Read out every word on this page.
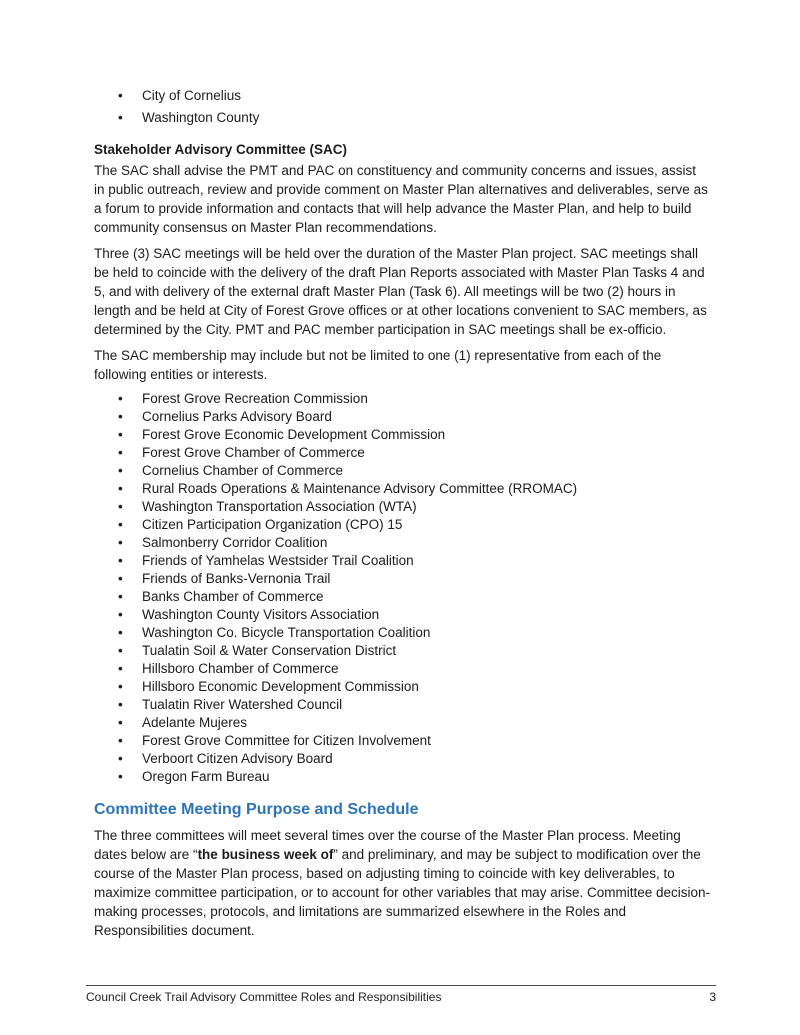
• City of Cornelius
• Washington County
Stakeholder Advisory Committee (SAC)

The SAC shall advise the PMT and PAC on constituency and community concerns and issues, assist in public outreach, review and provide comment on Master Plan alternatives and deliverables, serve as a forum to provide information and contacts that will help advance the Master Plan, and help to build community consensus on Master Plan recommendations.

Three (3) SAC meetings will be held over the duration of the Master Plan project. SAC meetings shall be held to coincide with the delivery of the draft Plan Reports associated with Master Plan Tasks 4 and 5, and with delivery of the external draft Master Plan (Task 6). All meetings will be two (2) hours in length and be held at City of Forest Grove offices or at other locations convenient to SAC members, as determined by the City. PMT and PAC member participation in SAC meetings shall be ex-officio.

The SAC membership may include but not be limited to one (1) representative from each of the following entities or interests.

• Forest Grove Recreation Commission
• Cornelius Parks Advisory Board
• Forest Grove Economic Development Commission
• Forest Grove Chamber of Commerce
• Cornelius Chamber of Commerce
• Rural Roads Operations & Maintenance Advisory Committee (RROMAC)
• Washington Transportation Association (WTA)
• Citizen Participation Organization (CPO) 15
• Salmonberry Corridor Coalition
• Friends of Yamhelas Westsider Trail Coalition
• Friends of Banks-Vernonia Trail
• Banks Chamber of Commerce
• Washington County Visitors Association
• Washington Co. Bicycle Transportation Coalition
• Tualatin Soil & Water Conservation District
• Hillsboro Chamber of Commerce
• Hillsboro Economic Development Commission
• Tualatin River Watershed Council
• Adelante Mujeres
• Forest Grove Committee for Citizen Involvement
• Verboort Citizen Advisory Board
• Oregon Farm Bureau
Committee Meeting Purpose and Schedule

The three committees will meet several times over the course of the Master Plan process. Meeting dates below are “the business week of” and preliminary, and may be subject to modification over the course of the Master Plan process, based on adjusting timing to coincide with key deliverables, to maximize committee participation, or to account for other variables that may arise. Committee decision-making processes, protocols, and limitations are summarized elsewhere in the Roles and Responsibilities document.

Council Creek Trail Advisory Committee Roles and Responsibilities	3
